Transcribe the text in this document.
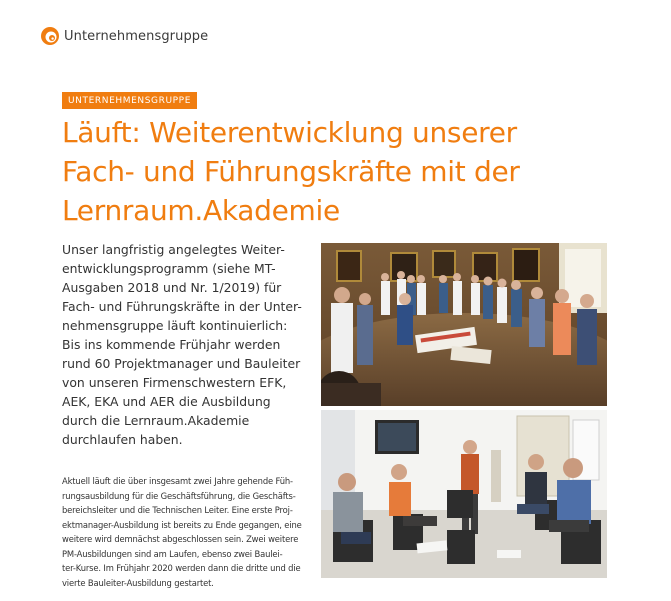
Unternehmensgruppe
UNTERNEHMENSGRUPPE
Läuft: Weiterentwicklung unserer
Fach- und Führungskräfte mit der
Lernraum.Akademie

Unser langfristig angelegtes Weiter-
entwicklungsprogramm (siehe MT-
Ausgaben 2018 und Nr. 1/2019) für
Fach- und Führungskräfte in der Unter-
nehmensgruppe läuft kontinuierlich:
Bis ins kommende Frühjahr werden
rund 60 Projektmanager und Bauleiter
von unseren Firmenschwestern EFK,
AEK, EKA und AER die Ausbildung
durch die Lernraum.Akademie
durchlaufen haben.

Aktuell läuft die über insgesamt zwei Jahre gehende Füh-
rungsausbildung für die Geschäftsführung, die Geschäfts-
bereichsleiter und die Technischen Leiter. Eine erste Proj-
ektmanager-Ausbildung ist bereits zu Ende gegangen, eine
weitere wird demnächst abgeschlossen sein. Zwei weitere
PM-Ausbildungen sind am Laufen, ebenso zwei Baulei-
ter-Kurse. Im Frühjahr 2020 werden dann die dritte und die
vierte Bauleiter-Ausbildung gestartet.
